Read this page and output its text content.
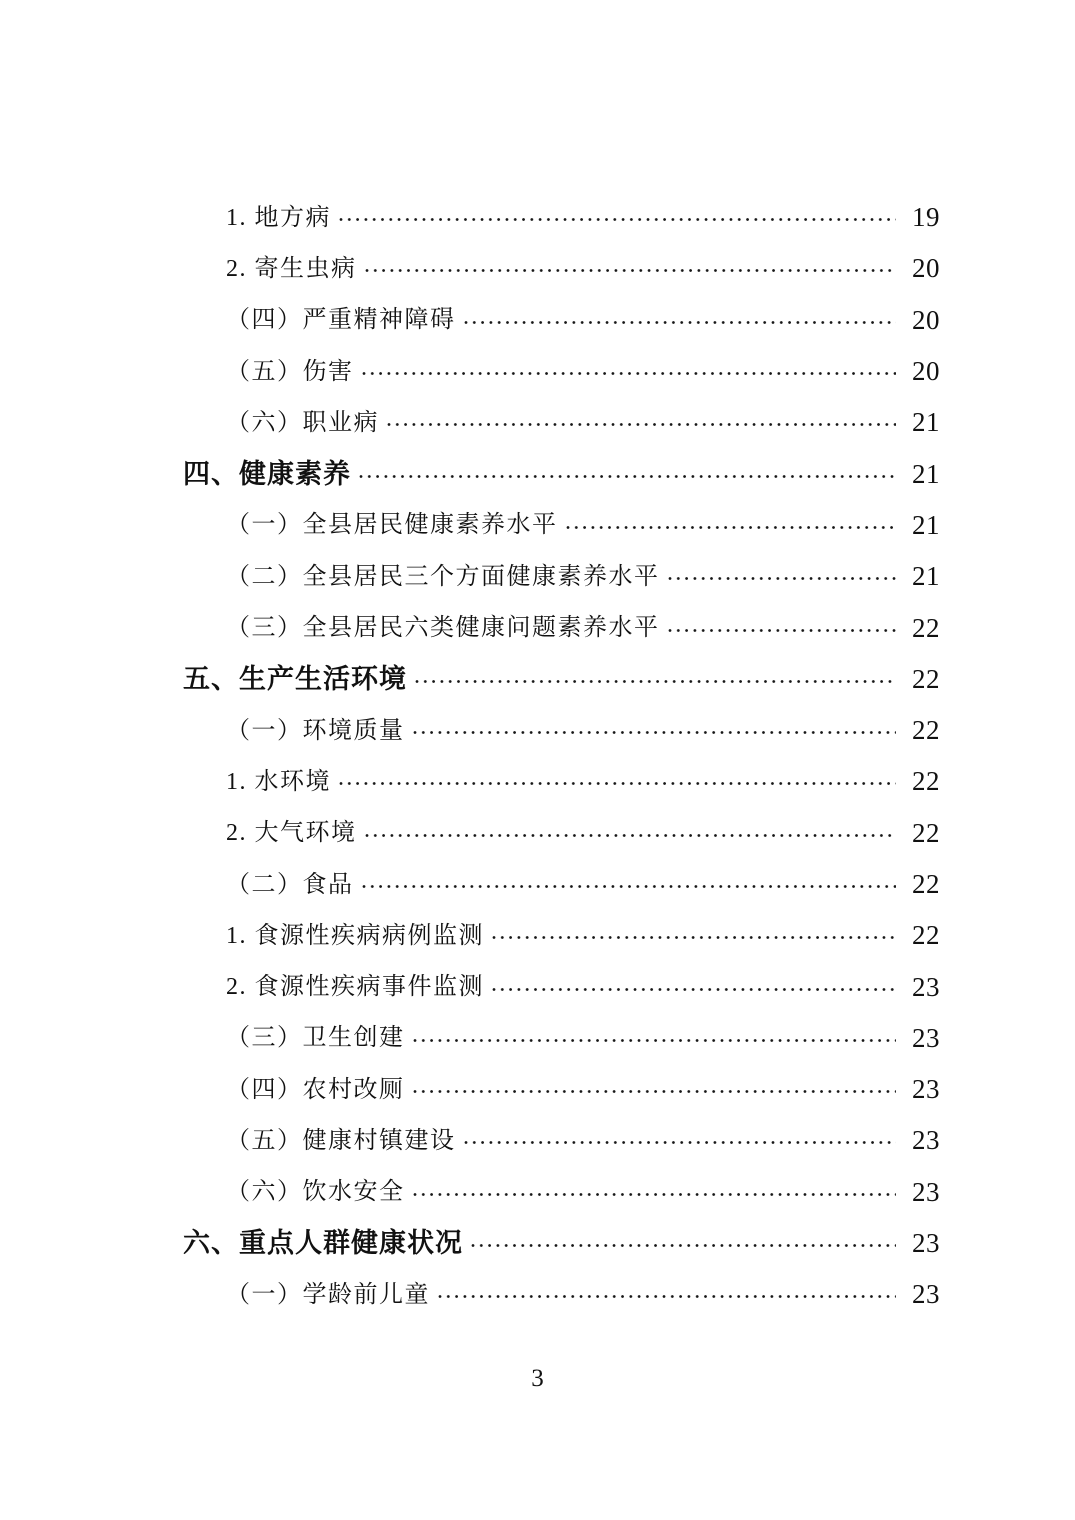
1. 地方病	19
2. 寄生虫病	20
（四）严重精神障碍	20
（五）伤害	20
（六）职业病	21
四、健康素养	21
（一）全县居民健康素养水平	21
（二）全县居民三个方面健康素养水平	21
（三）全县居民六类健康问题素养水平	22
五、生产生活环境	22
（一）环境质量	22
1. 水环境	22
2. 大气环境	22
（二）食品	22
1. 食源性疾病病例监测	22
2. 食源性疾病事件监测	23
（三）卫生创建	23
（四）农村改厕	23
（五）健康村镇建设	23
（六）饮水安全	23
六、重点人群健康状况	23
（一）学龄前儿童	23
3
